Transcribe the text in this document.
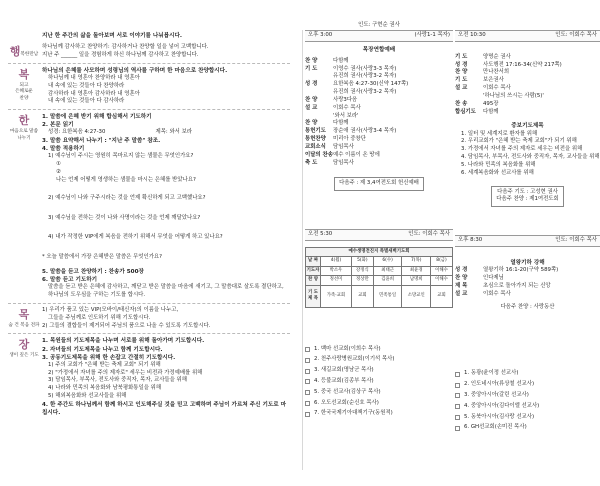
지난 한 주간의 삶을 돌아보며 서로 이야기를 나눠봅시다.
행복한만남
하나님께 감사하고 찬양하기: 감사하거나 찬양할 일을 넣어 고백합니다.
지난 주 ______ 일을 경험하게 하신 하나님께 감사하고 찬양합니다.
복
되고
은혜로운
찬양
하나님의 은혜를 사모하며 성령님의 역사를 구하며 한 마음으로 찬양합시다.
하나님께 내 영혼아 찬양하라 내 영혼아
내 속에 있는 것들아 다 찬양하라
감사하라 내 영혼아 감사하라 내 영혼아
내 속에 있는 것들아 다 감사하라
한
마음으로 말씀 나누기
1. 말씀에 은혜 받기 위해 합심해서 기도하기
2. 본문 읽기
성경: 요한복음 4:27-30	제목: 와서 보라
3. 말씀 요약해서 나누기 : "지난 주 말씀" 참조.
4. 말씀 적용하기
1) 예수님이 주시는 영원히 목마르지 않는 샘물은 무엇인가요?
①
②
나는 언제 어떻게 영생하는 샘물을 마시는 은혜를 받았나요?
2) 예수님이 나와 구주시라는 것을 언제 확신하게 되고 고백했나요?
3) 예수님을 전하는 것이 나와 사명이라는 것을 언제 깨달았나요?
4) 내가 작정한 VIP에게 복음을 전하기 위해서 무엇을 어떻게 하고 있나요?
* 오늘 말씀에서 가장 은혜받은 말씀은 무엇인가요?
5. 말씀을 듣고 찬양하기 : 찬송가 500장
6. 말씀 듣고 기도하기
말씀을 듣고 받은 은혜에 감사하고, 깨닫고 받은 말씀을 마음에 새기고, 그 말씀대로 살도록 결단하고, 하나님의 도우심을 구하는 기도를 합시다.
목
숨 건 복음 전파
1) 우리가 품고 있는 VIP(모바이/태신자)의 이름을 나누고,
그들을 주님께로 인도하기 위해 기도합시다.
2) 그들의 결합들이 제거되어 주님의 품으로 나올 수 있도록 기도합시다.
장
생이 깊은 기도
1. 목원들의 기도제목을 나누며 서로를 위해 돌아가며 기도합시다.
2. 자녀들의 기도제목을 나누고 함께 기도합시다.
3. 공동기도제목을 위해 한 손잡고 간절히 기도합시다.
1) 주의 교회가 "은혜 받는 축제 교회" 되기 위해
2) "가정에서 자녀를 주의 제자로" 세우는 비전과 가정예배를 위해
3) 담임목사, 부목사, 전도사와 중직자, 목자, 교사들을 위해
4) 나라와 민족의 복음화와 남북평화통일을 위해
5) 해외복음화와 선교사들을 위해
4. 한 주간도 하나님께서 함께 하시고 인도해주실 것을 믿고 고백하며 주님이 가르쳐 주신 기도로 마칩시다.
인도: 구현순 권사
오후 3:00	(사랑1-1 목자)
목장연합예배
찬 양	다함께
기 도	이영수 권사(사랑3-3 목자)
유진희 권사(사랑3-2 목자)
성 경	요한복음 4:27-30(신약 147쪽)
유진희 권사(사랑3-2 목자)
찬 양	사랑3다음
설 교	이회수 목사
'와서 보라'
찬 양	다함께
통헌기도	장순애 권사(사랑3-4 목자)
통헌찬양	미리아 중창단
교회소식	담임목사
이달의 찬송 예수 이름이 온 땅에
축 도	담임목사
다음주 : 제 3,4여전도회 헌신예배
오전 5:30	인도: 이회수 목사
예수생명전진지 특별새벽기도회					
날 짜	4(월)	5(화)	6(수)	7(목)	8(금)
기도자	박소우	강정식	최태근	최윤경	이해수
찬 양	정선미	정상만	김윤희	남명희	이해수
기 도
제 목	가족·교회	교회	민족통일	소망교인	교회
1. 백마 선교회(이희수 목사)
2. 천주사랑병원교회(이기석 목사)
3. 새길교회(명남군 목사)
4. 등불교회(김종부 목사)
5. 중국 선교사(김상구 목사)
6. 오도선교회(순신호 목사)
7. 한국국제기아대책기구(동원적)
오전 10:30	인도: 이회수 목사
기 도	양명순 권사
성 경	사도행전 17:16-34(신약 217쪽)
찬 양	만나찬서희
기 도	보은권사
설 교	이회수 목사
'하나님의 쓰시는 사람(5)'
찬 송	495장
합심기도	다함께
중보기도제목
1. 일터 및 세계지로 환자를 위해
2. 우리교회가 "은혜 받는 축제 교회"가 되기 위해
3. 가정에서 자녀를 주의 제자로 세우는 비전을 위해
4. 담임목사, 부목사, 전도사와 중직자, 목자, 교사들을 위해
5. 나라와 민족의 복음화를 위해
6. 세계복음화와 선교사를 위해
다음주 기도 : 고성현 권사
다음주 찬양 : 제1여전도회
오후 8:30	인도: 이회수 목사
열왕기하 강해
성 경	열왕기하 16:1-20(구약 589쪽)
찬 양	인다제님
제 목	초심으로 돌아가지 되는 신앙
설 교	이회수 목사
다음주 찬양 : 사랑동산
1. 동광(윤이정 선교사)
2. 인도네시아(류상철 선교사)
3. 중앙아시아(갈린 선교사)
4. 중앙아시아(김다이엘 선교사)
5. 동북아시아(김사랑 선교사)
6. GH선교회(손미진 목사)
